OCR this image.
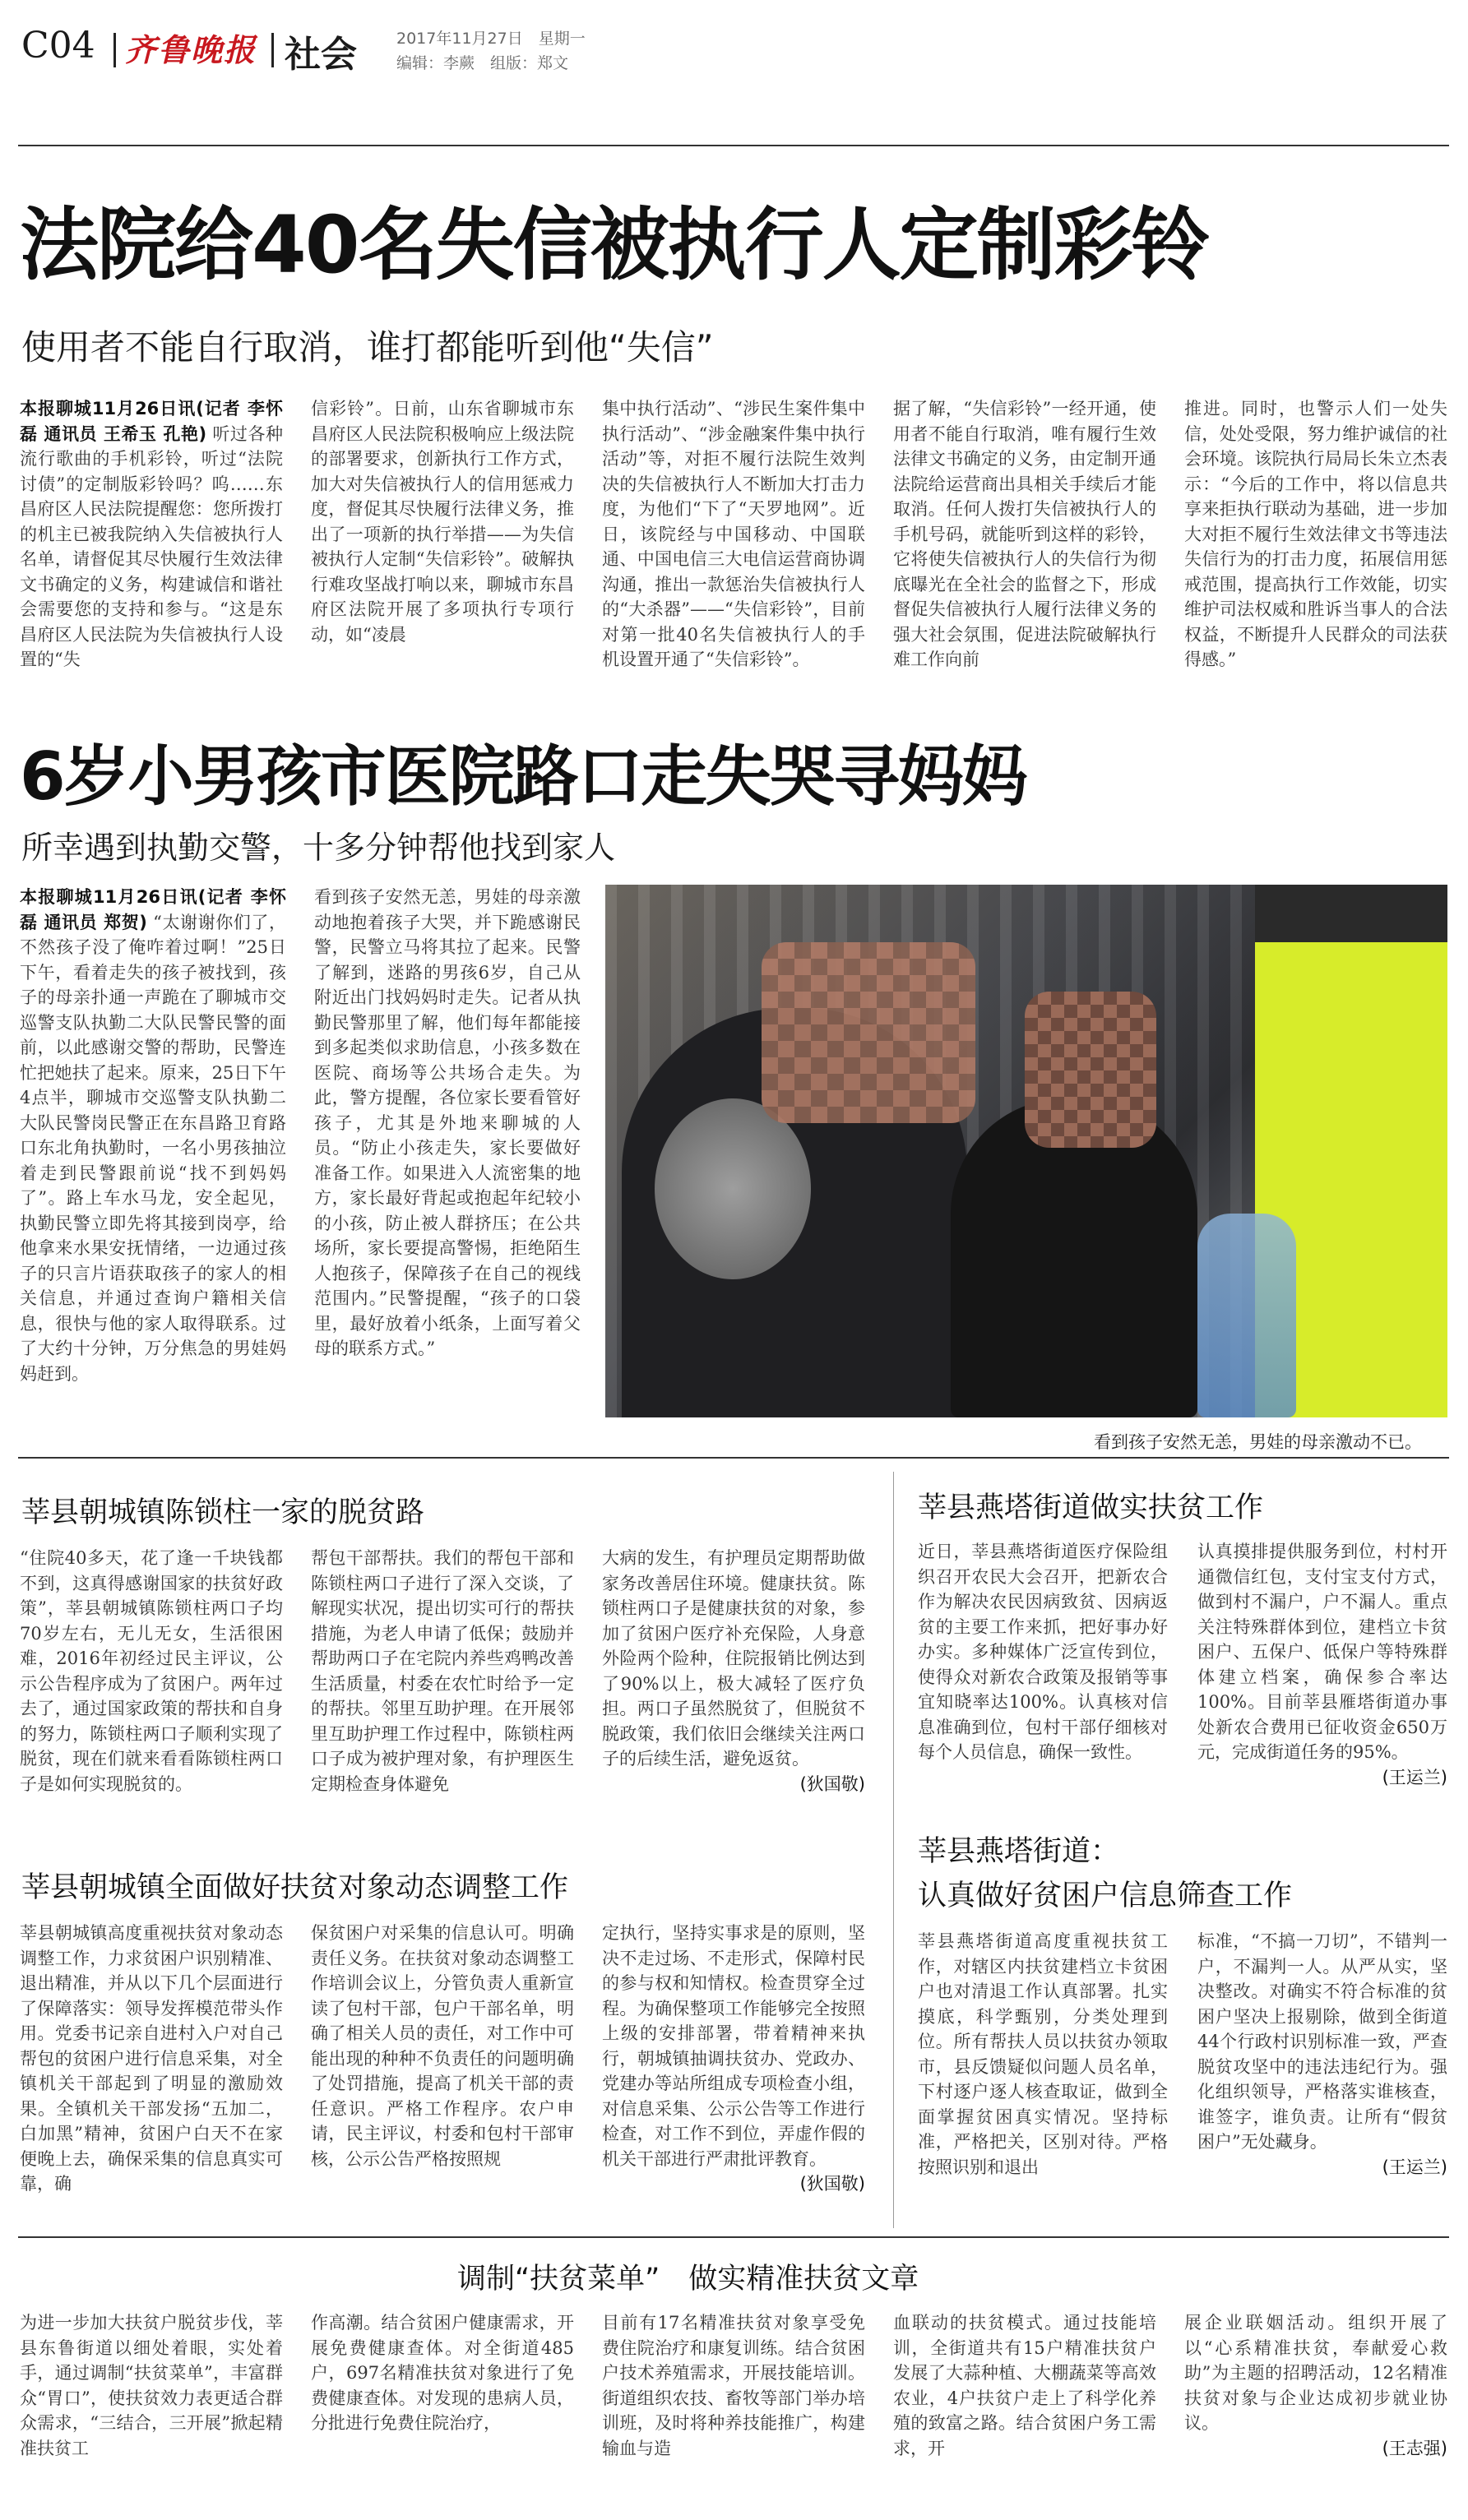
C04 齐鲁晚报 社会	2017年11月27日　星期一
编辑：李蕨　组版：郑文
法院给40名失信被执行人定制彩铃
使用者不能自行取消，谁打都能听到他“失信”
本报聊城11月26日讯(记者 李怀磊 通讯员 王希玉 孔艳) 听过各种流行歌曲的手机彩铃，听过“法院讨债”的定制版彩铃吗？呜……东昌府区人民法院提醒您：您所拨打的机主已被我院纳入失信被执行人名单，请督促其尽快履行生效法律文书确定的义务，构建诚信和谐社会需要您的支持和参与。“这是东昌府区人民法院为失信被执行人设置的“失
信彩铃”。日前，山东省聊城市东昌府区人民法院积极响应上级法院的部署要求，创新执行工作方式，加大对失信被执行人的信用惩戒力度，督促其尽快履行法律义务，推出了一项新的执行举措——为失信被执行人定制“失信彩铃”。破解执行难攻坚战打响以来，聊城市东昌府区法院开展了多项执行专项行动，如“凌晨
集中执行活动”、“涉民生案件集中执行活动”、“涉金融案件集中执行活动”等，对拒不履行法院生效判决的失信被执行人不断加大打击力度，为他们“下了“天罗地网”。近日，该院经与中国移动、中国联通、中国电信三大电信运营商协调沟通，推出一款惩治失信被执行人的“大杀器”——“失信彩铃”，目前对第一批40名失信被执行人的手机设置开通了“失信彩铃”。
据了解，“失信彩铃”一经开通，使用者不能自行取消，唯有履行生效法律文书确定的义务，由定制开通法院给运营商出具相关手续后才能取消。任何人拨打失信被执行人的手机号码，就能听到这样的彩铃，它将使失信被执行人的失信行为彻底曝光在全社会的监督之下，形成督促失信被执行人履行法律义务的强大社会氛围，促进法院破解执行难工作向前
推进。同时，也警示人们一处失信，处处受限，努力维护诚信的社会环境。该院执行局局长朱立杰表示：“今后的工作中，将以信息共享来拒执行联动为基础，进一步加大对拒不履行生效法律文书等违法失信行为的打击力度，拓展信用惩戒范围，提高执行工作效能，切实维护司法权威和胜诉当事人的合法权益，不断提升人民群众的司法获得感。”
6岁小男孩市医院路口走失哭寻妈妈
所幸遇到执勤交警，十多分钟帮他找到家人
本报聊城11月26日讯(记者 李怀磊 通讯员 郑贺) “太谢谢你们了，不然孩子没了俺咋着过啊！”25日下午，看着走失的孩子被找到，孩子的母亲扑通一声跪在了聊城市交巡警支队执勤二大队民警民警的面前，以此感谢交警的帮助，民警连忙把她扶了起来。原来，25日下午4点半，聊城市交巡警支队执勤二大队民警岗民警正在东昌路卫育路口东北角执勤时，一名小男孩抽泣着走到民警跟前说“找不到妈妈了”。路上车水马龙，安全起见，执勤民警立即先将其接到岗亭，给他拿来水果安抚情绪，一边通过孩子的只言片语获取孩子的家人的相关信息，并通过查询户籍相关信息，很快与他的家人取得联系。过了大约十分钟，万分焦急的男娃妈妈赶到。
看到孩子安然无恙，男娃的母亲激动地抱着孩子大哭，并下跪感谢民警，民警立马将其拉了起来。民警了解到，迷路的男孩6岁，自己从附近出门找妈妈时走失。记者从执勤民警那里了解，他们每年都能接到多起类似求助信息，小孩多数在医院、商场等公共场合走失。为此，警方提醒，各位家长要看管好孩子，尤其是外地来聊城的人员。“防止小孩走失，家长要做好准备工作。如果进入人流密集的地方，家长最好背起或抱起年纪较小的小孩，防止被人群挤压；在公共场所，家长要提高警惕，拒绝陌生人抱孩子，保障孩子在自己的视线范围内。”民警提醒，“孩子的口袋里，最好放着小纸条，上面写着父母的联系方式。”
看到孩子安然无恙，男娃的母亲激动不已。
莘县朝城镇陈锁柱一家的脱贫路
“住院40多天，花了逢一千块钱都不到，这真得感谢国家的扶贫好政策”，莘县朝城镇陈锁柱两口子均70岁左右，无儿无女，生活很困难，2016年初经过民主评议，公示公告程序成为了贫困户。两年过去了，通过国家政策的帮扶和自身的努力，陈锁柱两口子顺利实现了脱贫，现在们就来看看陈锁柱两口子是如何实现脱贫的。
帮包干部帮扶。我们的帮包干部和陈锁柱两口子进行了深入交谈，了解现实状况，提出切实可行的帮扶措施，为老人申请了低保；鼓励并帮助两口子在宅院内养些鸡鸭改善生活质量，村委在农忙时给予一定的帮扶。邻里互助护理。在开展邻里互助护理工作过程中，陈锁柱两口子成为被护理对象，有护理医生定期检查身体避免
大病的发生，有护理员定期帮助做家务改善居住环境。健康扶贫。陈锁柱两口子是健康扶贫的对象，参加了贫困户医疗补充保险，人身意外险两个险种，住院报销比例达到了90%以上，极大减轻了医疗负担。两口子虽然脱贫了，但脱贫不脱政策，我们依旧会继续关注两口子的后续生活，避免返贫。
(狄国敬)
莘县朝城镇全面做好扶贫对象动态调整工作
莘县朝城镇高度重视扶贫对象动态调整工作，力求贫困户识别精准、退出精准，并从以下几个层面进行了保障落实：领导发挥模范带头作用。党委书记亲自进村入户对自己帮包的贫困户进行信息采集，对全镇机关干部起到了明显的激励效果。全镇机关干部发扬“五加二，白加黑”精神，贫困户白天不在家便晚上去，确保采集的信息真实可靠，确
保贫困户对采集的信息认可。明确责任义务。在扶贫对象动态调整工作培训会议上，分管负责人重新宣读了包村干部，包户干部名单，明确了相关人员的责任，对工作中可能出现的种种不负责任的问题明确了处罚措施，提高了机关干部的责任意识。严格工作程序。农户申请，民主评议，村委和包村干部审核，公示公告严格按照规
定执行，坚持实事求是的原则，坚决不走过场、不走形式，保障村民的参与权和知情权。检查贯穿全过程。为确保整项工作能够完全按照上级的安排部署，带着精神来执行，朝城镇抽调扶贫办、党政办、党建办等站所组成专项检查小组，对信息采集、公示公告等工作进行检查，对工作不到位，弄虚作假的机关干部进行严肃批评教育。
(狄国敬)
莘县燕塔街道做实扶贫工作
近日，莘县燕塔街道医疗保险组织召开农民大会召开，把新农合作为解决农民因病致贫、因病返贫的主要工作来抓，把好事办好办实。多种媒体广泛宣传到位，使得众对新农合政策及报销等事宜知晓率达100%。认真核对信息准确到位，包村干部仔细核对每个人员信息，确保一致性。
认真摸排提供服务到位，村村开通微信红包，支付宝支付方式，做到村不漏户，户不漏人。重点关注特殊群体到位，建档立卡贫困户、五保户、低保户等特殊群体建立档案，确保参合率达100%。目前莘县雁塔街道办事处新农合费用已征收资金650万元，完成街道任务的95%。
(王运兰)
莘县燕塔街道：
认真做好贫困户信息筛查工作
莘县燕塔街道高度重视扶贫工作，对辖区内扶贫建档立卡贫困户也对清退工作认真部署。扎实摸底，科学甄别，分类处理到位。所有帮扶人员以扶贫办领取市，县反馈疑似问题人员名单，下村逐户逐人核查取证，做到全面掌握贫困真实情况。坚持标准，严格把关，区别对待。严格按照识别和退出
标准，“不搞一刀切”，不错判一户，不漏判一人。从严从实，坚决整改。对确实不符合标准的贫困户坚决上报剔除，做到全街道44个行政村识别标准一致，严查脱贫攻坚中的违法违纪行为。强化组织领导，严格落实谁核查，谁签字，谁负责。让所有“假贫困户”无处藏身。
(王运兰)
调制“扶贫菜单”　做实精准扶贫文章
为进一步加大扶贫户脱贫步伐，莘县东鲁街道以细处着眼，实处着手，通过调制“扶贫菜单”，丰富群众“胃口”，使扶贫效力表更适合群众需求，“三结合，三开展”掀起精准扶贫工
作高潮。结合贫困户健康需求，开展免费健康查体。对全街道485户，697名精准扶贫对象进行了免费健康查体。对发现的患病人员，分批进行免费住院治疗，
目前有17名精准扶贫对象享受免费住院治疗和康复训练。结合贫困户技术养殖需求，开展技能培训。街道组织农技、畜牧等部门举办培训班，及时将种养技能推广，构建输血与造
血联动的扶贫模式。通过技能培训，全街道共有15户精准扶贫户发展了大蒜种植、大棚蔬菜等高效农业，4户扶贫户走上了科学化养殖的致富之路。结合贫困户务工需求，开
展企业联姻活动。组织开展了以“心系精准扶贫，奉献爱心救助”为主题的招聘活动，12名精准扶贫对象与企业达成初步就业协议。
(王志强)
